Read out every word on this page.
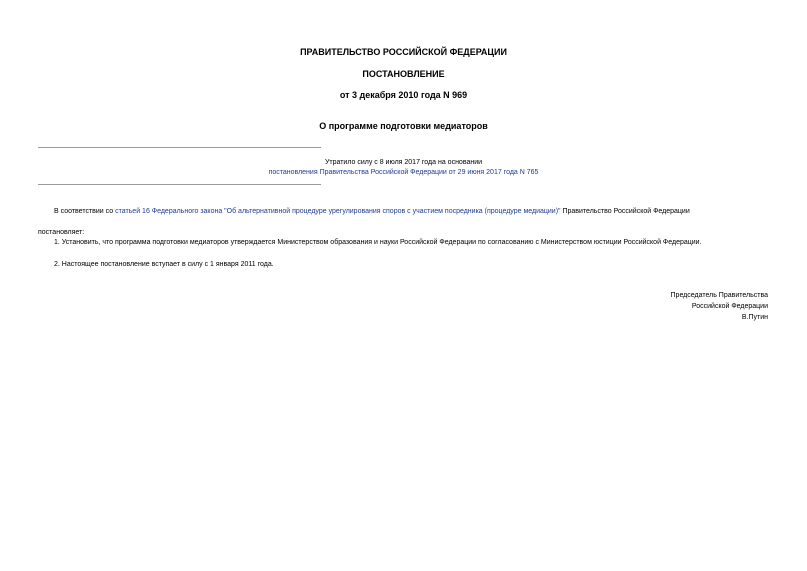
ПРАВИТЕЛЬСТВО РОССИЙСКОЙ ФЕДЕРАЦИИ
ПОСТАНОВЛЕНИЕ
от 3 декабря 2010 года N 969
О программе подготовки медиаторов
Утратило силу с 8 июля 2017 года на основании
постановления Правительства Российской Федерации от 29 июня 2017 года N 765
В соответствии со статьей 16 Федерального закона "Об альтернативной процедуре урегулирования споров с участием посредника (процедуре медиации)" Правительство Российской Федерации
постановляет:
1. Установить, что программа подготовки медиаторов утверждается Министерством образования и науки Российской Федерации по согласованию с Министерством юстиции Российской Федерации.
2. Настоящее постановление вступает в силу с 1 января 2011 года.
Председатель Правительства
Российской Федерации
В.Путин
